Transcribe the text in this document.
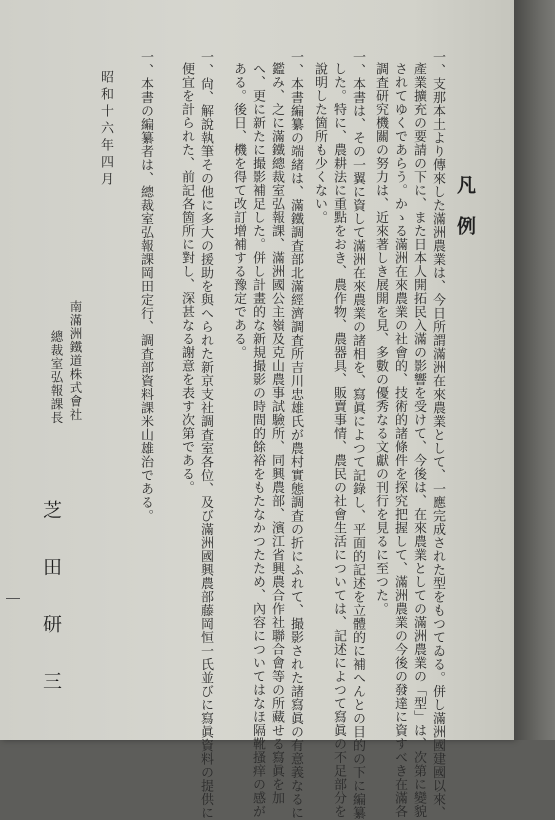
凡例
一、支那本土より傳來した滿洲農業は、今日所謂滿洲在來農業として、一應完成された型をもつてゐる。併し滿洲國建國以來、
產業擴充の要請の下に、また日本人開拓民入滿の影響を受けて、今後は、在來農業としての滿洲農業の「型」は、次第に變貌
されてゆくであらう。かゝる滿洲在來農業の社會的、技術的諸條件を探究把握して、滿洲農業の今後の發達に資すべき在滿各
調査研究機關の努力は、近來著しき展開を見、多數の優秀なる文獻の刊行を見るに至つた。
一、本書は、その一翼に資して滿洲在來農業の諸相を、寫眞によつて記錄し、平面的記述を立體的に補へんとの目的の下に編纂
した。特に、農耕法に重點をおき、農作物、農器具、販賣事情、農民の社會生活については、記述によつて寫眞の不足部分を
說明した箇所も少くない。
一、本書編纂の端緒は、滿鐵調査部北滿經濟調査所吉川忠雄氏が農村實態調査の折にふれて、撮影された諸寫眞の有意義なるに
鑑み、之に滿鐵總裁室弘報課、滿洲國公主嶺及克山農事試驗所、同興農部、濱江省興農合作社聯合會等の所藏せる寫眞を加
へ、更に新たに撮影補足した。併し計畫的な新規撮影の時間的餘裕をもたなかつたため、內容についてはなほ隔靴搔痒の感が
ある。後日、機を得て改訂增補する豫定である。
一、尙、解說執筆その他に多大の援助を與へられた新京支社調査室各位、及び滿洲國興農部藤岡恒一氏並びに寫眞資料の提供に
便宜を計られた、前記各箇所に對し、深甚なる謝意を表す次第である。
一、本書の編纂者は、總裁室弘報課岡田定行、調査部資料課米山雄治である。
昭和十六年四月
南滿洲鐵道株式會社
總裁室弘報課長
芝田研三
